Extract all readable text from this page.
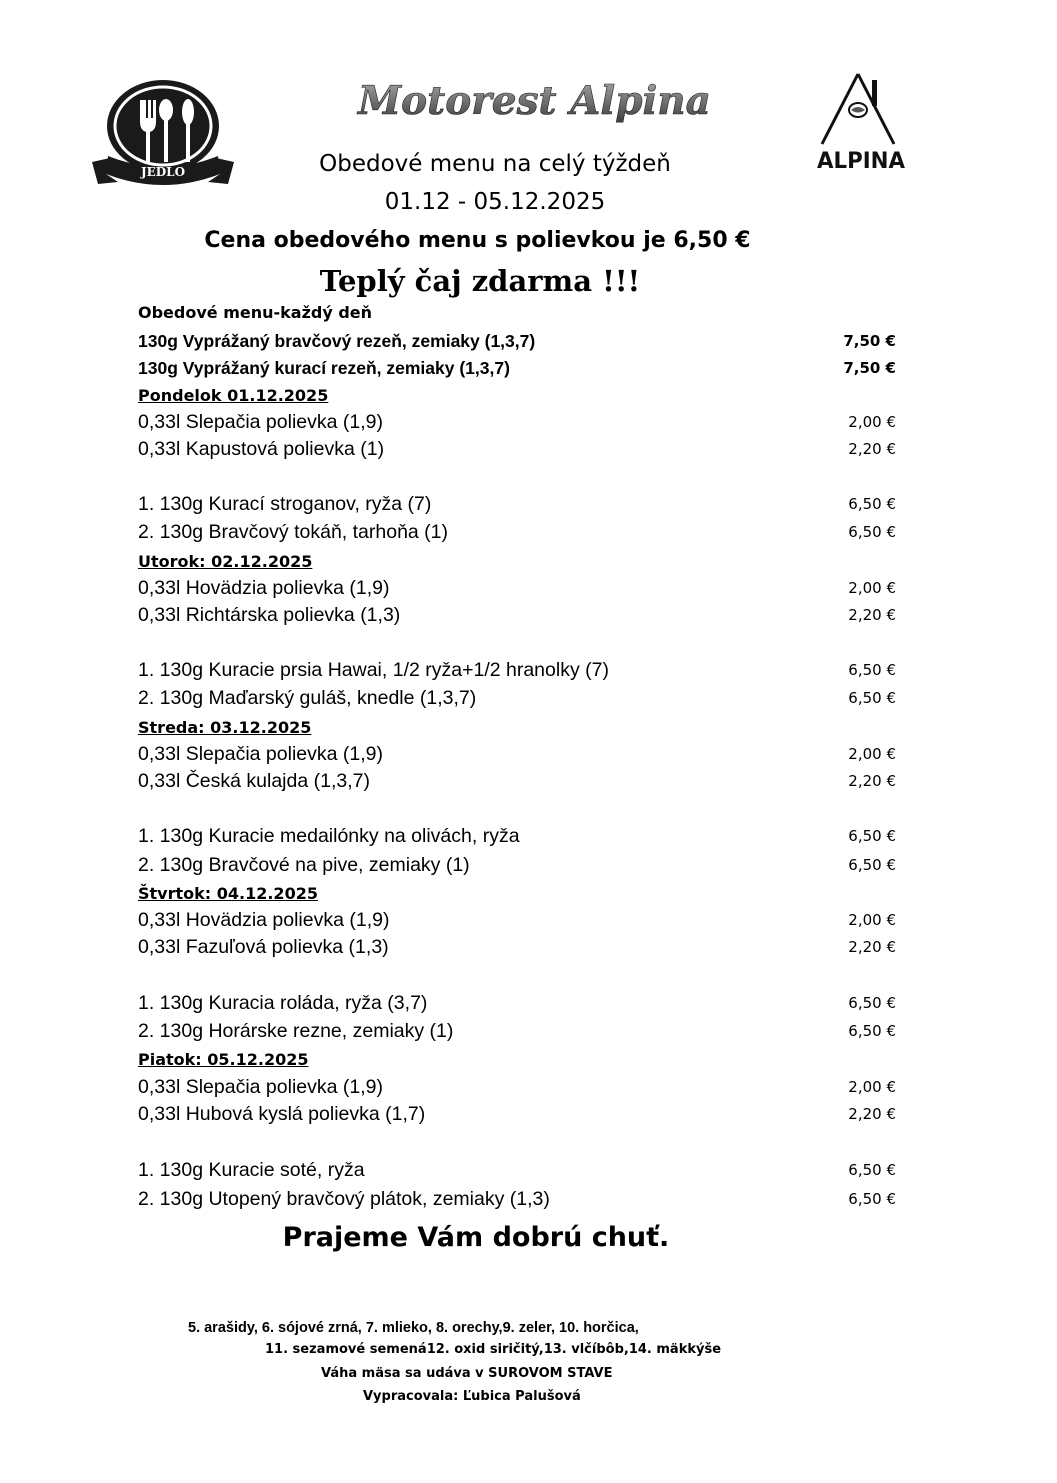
JEDLO
Motorest Alpina
ALPINA
Obedové menu na celý týždeň
01.12 - 05.12.2025
Cena obedového menu s polievkou je 6,50 €
Teplý čaj zdarma !!!
Obedové menu-každý deň
130g Vyprážaný bravčový rezeň, zemiaky (1,3,7)	7,50 €
130g Vyprážaný kurací rezeň, zemiaky (1,3,7)	7,50 €
Pondelok 01.12.2025
0,33l Slepačia polievka (1,9)	2,00 €
0,33l Kapustová polievka (1)	2,20 €
1. 130g Kurací stroganov, ryža (7)	6,50 €
2. 130g Bravčový tokáň, tarhoňa (1)	6,50 €
Utorok: 02.12.2025
0,33l Hovädzia polievka (1,9)	2,00 €
0,33l Richtárska polievka (1,3)	2,20 €
1. 130g Kuracie prsia Hawai, 1/2 ryža+1/2 hranolky (7)	6,50 €
2. 130g Maďarský guláš, knedle (1,3,7)	6,50 €
Streda: 03.12.2025
0,33l Slepačia polievka (1,9)	2,00 €
0,33l Česká kulajda (1,3,7)	2,20 €
1. 130g Kuracie medailónky na olivách, ryža	6,50 €
2. 130g Bravčové na pive, zemiaky (1)	6,50 €
Štvrtok: 04.12.2025
0,33l Hovädzia polievka (1,9)	2,00 €
0,33l Fazuľová polievka (1,3)	2,20 €
1. 130g Kuracia roláda, ryža (3,7)	6,50 €
2. 130g Horárske rezne, zemiaky (1)	6,50 €
Piatok: 05.12.2025
0,33l Slepačia polievka (1,9)	2,00 €
0,33l Hubová kyslá polievka (1,7)	2,20 €
1. 130g Kuracie soté, ryža	6,50 €
2. 130g Utopený bravčový plátok, zemiaky (1,3)	6,50 €
Prajeme Vám dobrú chuť.
5. arašidy, 6. sójové zrná, 7. mlieko, 8. orechy,9. zeler, 10. horčica,
11. sezamové semená12. oxid siričitý,13. vlčíbôb,14. mäkkýše
Váha mäsa sa udáva v SUROVOM STAVE
Vypracovala: Ľubica Palušová
